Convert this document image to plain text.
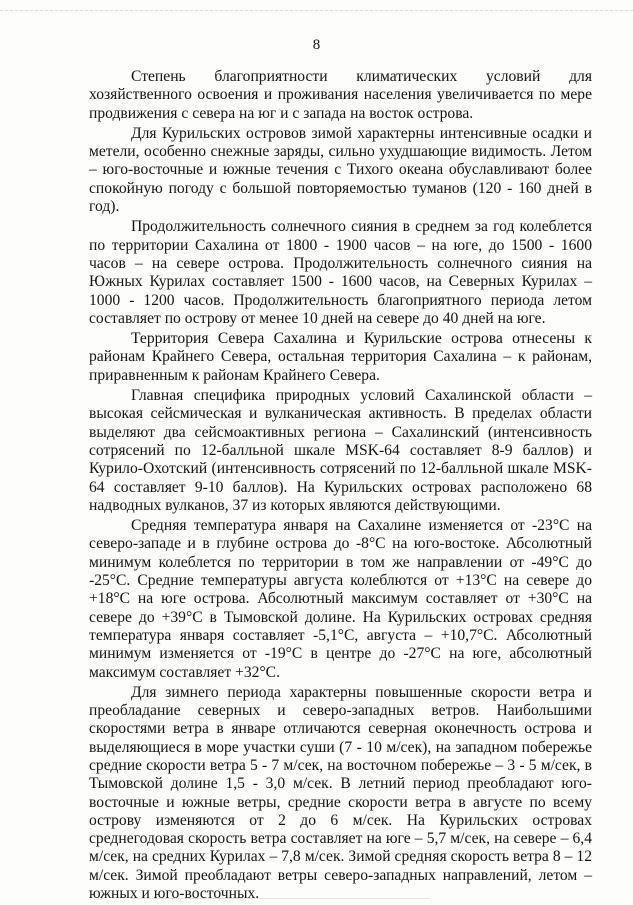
8

Степень благоприятности климатических условий для хозяйственного освоения и проживания населения увеличивается по мере продвижения с севера на юг и с запада на восток острова.

Для Курильских островов зимой характерны интенсивные осадки и метели, особенно снежные заряды, сильно ухудшающие видимость. Летом – юго-восточные и южные течения с Тихого океана обуславливают более спокойную погоду с большой повторяемостью туманов (120 - 160 дней в год).

Продолжительность солнечного сияния в среднем за год колеблется по территории Сахалина от 1800 - 1900 часов – на юге, до 1500 - 1600 часов – на севере острова. Продолжительность солнечного сияния на Южных Курилах составляет 1500 - 1600 часов, на Северных Курилах – 1000 - 1200 часов. Продолжительность благоприятного периода летом составляет по острову от менее 10 дней на севере до 40 дней на юге.

Территория Севера Сахалина и Курильские острова отнесены к районам Крайнего Севера, остальная территория Сахалина – к районам, приравненным к районам Крайнего Севера.

Главная специфика природных условий Сахалинской области – высокая сейсмическая и вулканическая активность. В пределах области выделяют два сейсмоактивных региона – Сахалинский (интенсивность сотрясений по 12-балльной шкале MSK-64 составляет 8-9 баллов) и Курило-Охотский (интенсивность сотрясений по 12-балльной шкале MSK-64 составляет 9-10 баллов). На Курильских островах расположено 68 надводных вулканов, 37 из которых являются действующими.

Средняя температура января на Сахалине изменяется от -23°С на северо-западе и в глубине острова до -8°С на юго-востоке. Абсолютный минимум колеблется по территории в том же направлении от -49°С до -25°С. Средние температуры августа колеблются от +13°С на севере до +18°С на юге острова. Абсолютный максимум составляет от +30°С на севере до +39°С в Тымовской долине. На Курильских островах средняя температура января составляет -5,1°С, августа – +10,7°С. Абсолютный минимум изменяется от -19°С в центре до -27°С на юге, абсолютный максимум составляет +32°С.

Для зимнего периода характерны повышенные скорости ветра и преобладание северных и северо-западных ветров. Наибольшими скоростями ветра в январе отличаются северная оконечность острова и выделяющиеся в море участки суши (7 - 10 м/сек), на западном побережье средние скорости ветра 5 - 7 м/сек, на восточном побережье – 3 - 5 м/сек, в Тымовской долине 1,5 - 3,0 м/сек. В летний период преобладают юго-восточные и южные ветры, средние скорости ветра в августе по всему острову изменяются от 2 до 6 м/сек. На Курильских островах среднегодовая скорость ветра составляет на юге – 5,7 м/сек, на севере – 6,4 м/сек, на средних Курилах – 7,8 м/сек. Зимой средняя скорость ветра 8 – 12 м/сек. Зимой преобладают ветры северо-западных направлений, летом – южных и юго-восточных.
